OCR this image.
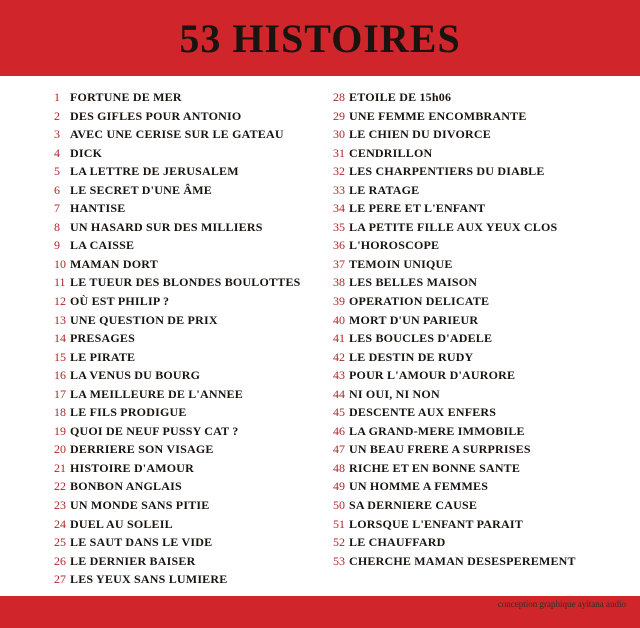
53 HISTOIRES
1 FORTUNE DE MER
2 DES GIFLES POUR ANTONIO
3 AVEC UNE CERISE SUR LE GATEAU
4 DICK
5 LA LETTRE DE JERUSALEM
6 LE SECRET D'UNE ÂME
7 HANTISE
8 UN HASARD SUR DES MILLIERS
9 LA CAISSE
10 MAMAN DORT
11 LE TUEUR DES BLONDES BOULOTTES
12 OÙ EST PHILIP ?
13 UNE QUESTION DE PRIX
14 PRESAGES
15 LE PIRATE
16 LA VENUS DU BOURG
17 LA MEILLEURE DE L'ANNEE
18 LE FILS PRODIGUE
19 QUOI DE NEUF PUSSY CAT ?
20 DERRIERE SON VISAGE
21 HISTOIRE D'AMOUR
22 BONBON ANGLAIS
23 UN MONDE SANS PITIE
24 DUEL AU SOLEIL
25 LE SAUT DANS LE VIDE
26 LE DERNIER BAISER
27 LES YEUX SANS LUMIERE
28 ETOILE DE 15h06
29 UNE FEMME ENCOMBRANTE
30 LE CHIEN DU DIVORCE
31 CENDRILLON
32 LES CHARPENTIERS DU DIABLE
33 LE RATAGE
34 LE PERE ET L'ENFANT
35 LA PETITE FILLE AUX YEUX CLOS
36 L'HOROSCOPE
37 TEMOIN UNIQUE
38 LES BELLES MAISON
39 OPERATION DELICATE
40 MORT D'UN PARIEUR
41 LES BOUCLES D'ADELE
42 LE DESTIN DE RUDY
43 POUR L'AMOUR D'AURORE
44 NI OUI, NI NON
45 DESCENTE AUX ENFERS
46 LA GRAND-MERE IMMOBILE
47 UN BEAU FRERE A SURPRISES
48 RICHE ET EN BONNE SANTE
49 UN HOMME A FEMMES
50 SA DERNIERE CAUSE
51 LORSQUE L'ENFANT PARAIT
52 LE CHAUFFARD
53 CHERCHE MAMAN DESESPEREMENT
conception graphique ayitana audio
